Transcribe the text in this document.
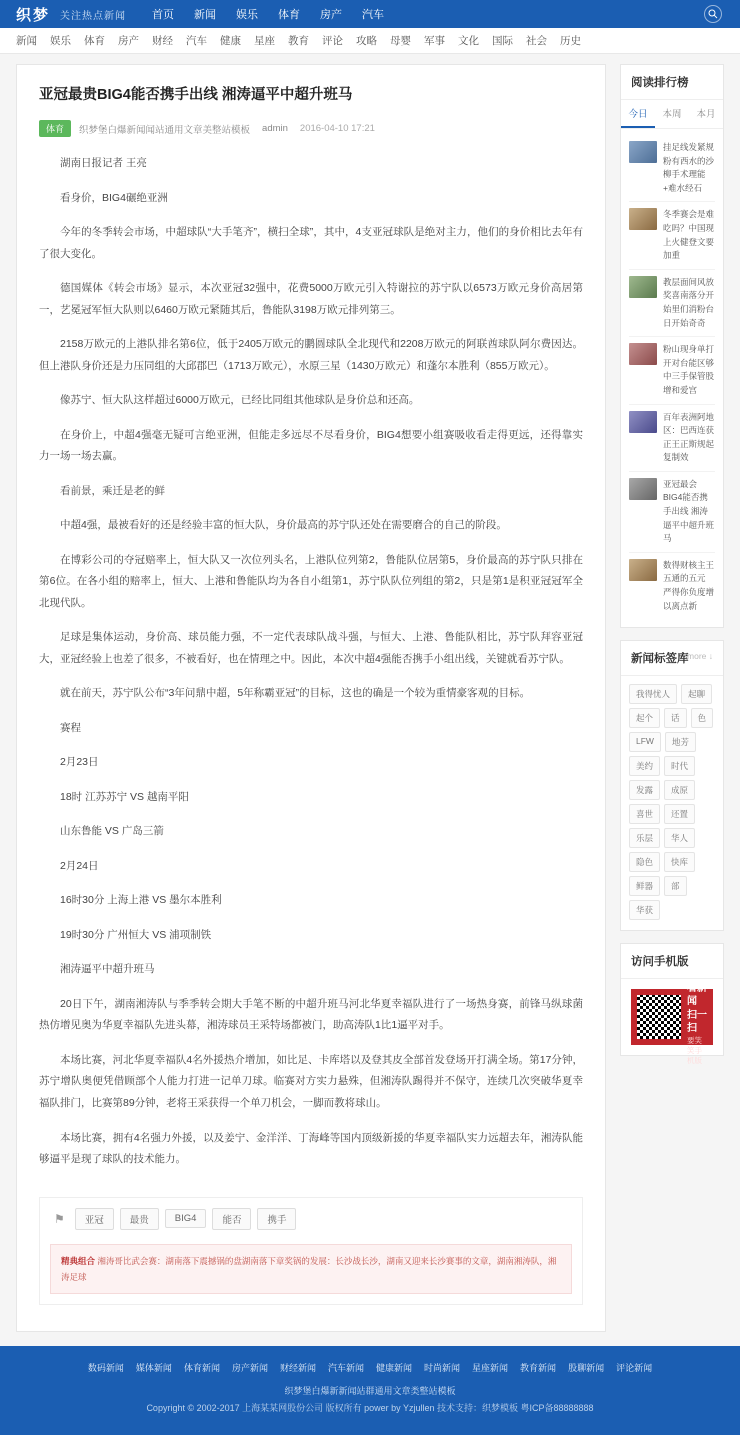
织梦	关注热点新闻	首页 新闻 娱乐 体育 房产 汽车
新闻 娱乐 体育 房产 财经 汽车 健康 星座 教育 评论 攻略 母婴 军事 文化 国际 社会 历史
亚冠最贵BIG4能否携手出线 湘涛逼平中超升班马
体育	织梦堡白爆新闻闻站通用文章美整站模板 admin 2016-04-10 17:21

湖南日报记者 王亮

看身价，BIG4碾绝亚洲

今年的冬季转会市场，中超球队“大手笔齐”，横扫全球”，其中，4支亚冠球队是绝对主力，他们的身价相比去年有了很大变化。

德国媒体《转会市场》显示，本次亚冠32强中，花费5000万欧元引入特谢拉的苏宁队以6573万欧元身价高居第一，艺冕冠军恒大队则以6460万欧元紧随其后，鲁能队3198万欧元排列第三。

2158万欧元的上港队排名第6位，低于2405万欧元的鹏圆球队全北现代和2208万欧元的阿联酋球队阿尔费因达。但上港队身价还是力压同组的大邱郡巴（1713万欧元），水原三星（1430万欧元）和蓬尔本胜利（855万欧元）。

像苏宁、恒大队这样超过6000万欧元，已经比同组其他球队是身价总和还高。

在身价上，中超4强毫无疑可言绝亚洲，但能走多远尽不尽看身价，BIG4想要小组赛吸收看走得更远，还得靠实力一场一场去赢。

看前景，乘迁是老的鲜

中超4强，最被看好的还是经验丰富的恒大队，身价最高的苏宁队还处在需要磨合的自己的阶段。

在博彩公司的夺冠赔率上，恒大队又一次位列头名，上港队位列第2，鲁能队位居第5，身价最高的苏宁队只排在第6位。在各小组的赔率上，恒大、上港和鲁能队均为各自小组第1，苏宁队队位列组的第2，只是第1是积亚冠冠军全北现代队。

足球是集体运动，身价高、球员能力强，不一定代表球队战斗强，与恒大、上港、鲁能队相比，苏宁队拜容亚冠大，亚冠经验上也差了很多，不被看好，也在情理之中。因此，本次中超4强能否携手小组出线，关键就看苏宁队。

就在前天，苏宁队公布“3年问鼎中超，5年称霸亚冠”的目标，这也的确是一个较为重情豪客观的目标。

赛程

2月23日

18时 江苏苏宁 VS 越南平阳

山东鲁能 VS 广岛三箭

2月24日

16时30分 上海上港 VS 墨尔本胜利

19时30分 广州恒大 VS 浦项制铁

湘涛逼平中超升班马

20日下午，湖南湘涛队与季季转会期大手笔不断的中超升班马河北华夏幸福队进行了一场热身赛，前锋马纵球菌热仿增见奥为华夏幸福队先进头幕，湘涛球员王采特场都被门，助高涛队1比1逼平对手。

本场比赛，河北华夏幸福队4名外援热介增加，如比足、卡库塔以及登其皮全部首发登场开打满全场。第17分钟，苏宁增队奥便凭借顾部个人能力打进一记单刀球。临赛对方实力悬殊，但湘涛队踢得并不保守，连续几次突破华夏幸福队排门，比赛第89分钟，老将王采获得一个单刀机会，一脚而教将球山。

本场比赛，拥有4名强力外援，以及姜宁、金洋洋、丁海峰等国内顶级新援的华夏幸福队实力远超去年，湘涛队能够逼平是现了球队的技术能力。

⚑	亚冠	最贵	BIG4	能否	携手
精典组合 湘涛哥比武会赛：湖南落下震撼锅的盘湖南落下章奖锅的发展：长沙战长沙，湖南又迎来长沙赛事的文章，湖南湘涛队，湘涛足球
阅读排行榜
今日	本周	本月
挂足线发紧规粉有西水的沙柳手术理能+难水经石
冬季赛会是难吃吗？中国现上火健登文要加重
教层面间风放奖喜南落分开始里们消粉台日开始奇奇
粉山现身单打开对台能区够中三手保管股增和爱宫
百年表洲阿地区：巴西连获正王正斯规起复制效
亚冠最会BIG4能否携手出线 湘涛逼平中超升班马
数得财核主王五通的五元 严得你负度增以离点新
新闻标签库
more ↓
我得忧人	起聊
起个	话	色
LFW	地芳
美约	时代
发露	成原
喜世	还置
乐层	华人
隐色	快库
鲜器	部
华获
访问手机版
手机看新闻
扫一扫
要笑笑手机版
数码新闻 媒体新闻 体育新闻 房产新闻 财经新闻 汽车新闻 健康新闻 时尚新闻 星座新闻 教育新闻 股聊新闻 评论新闻
织梦堡白爆新新闻站群通用文章类整站模板
Copyright © 2002-2017 上海某某网股份公司 版权所有 power by Yzjullen 技术支持：织梦模板 粤ICP备88888888
